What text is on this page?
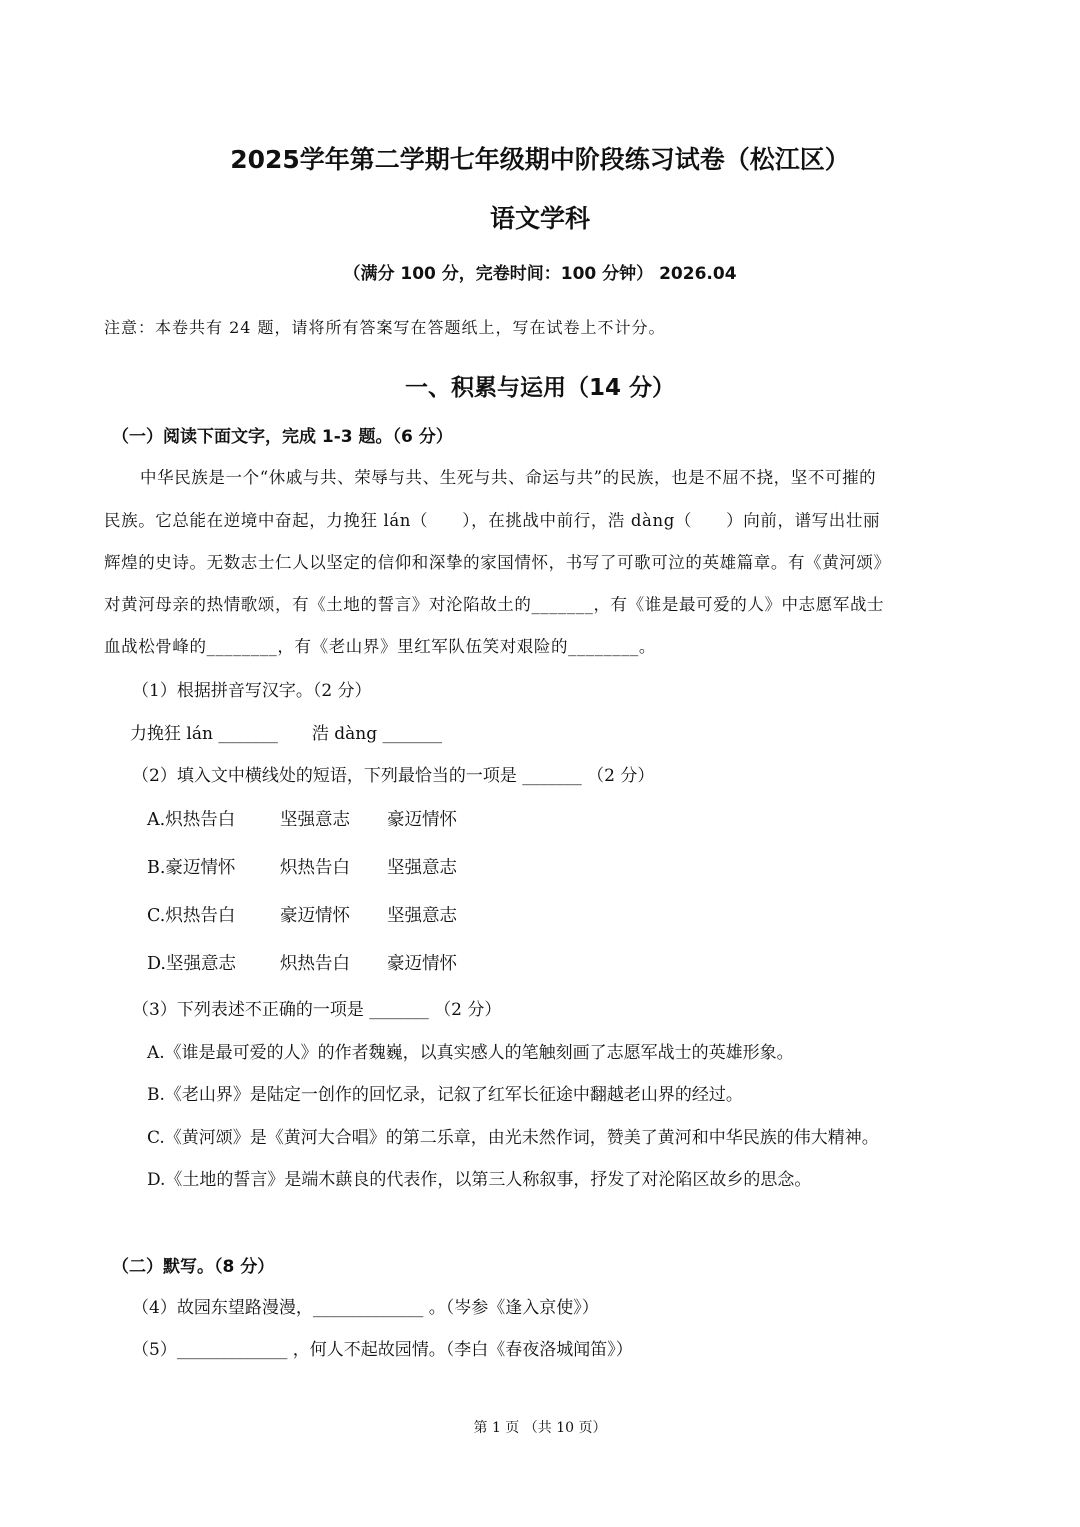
2025学年第二学期七年级期中阶段练习试卷（松江区）
语文学科
（满分 100 分，完卷时间：100 分钟） 2026.04
注意：本卷共有 24 题，请将所有答案写在答题纸上，写在试卷上不计分。
一、积累与运用（14 分）
（一）阅读下面文字，完成 1-3 题。（6 分）
中华民族是一个“休戚与共、荣辱与共、生死与共、命运与共”的民族，也是不屈不挠，坚不可摧的
民族。它总能在逆境中奋起，力挽狂 lán（　　），在挑战中前行，浩 dàng（　　）向前，谱写出壮丽
辉煌的史诗。无数志士仁人以坚定的信仰和深挚的家国情怀，书写了可歌可泣的英雄篇章。有《黄河颂》
对黄河母亲的热情歌颂，有《土地的誓言》对沦陷故土的_______，有《谁是最可爱的人》中志愿军战士
血战松骨峰的________，有《老山界》里红军队伍笑对艰险的________。
（1）根据拼音写汉字。（2 分）
力挽狂 lán _______　　浩 dàng _______
（2）填入文中横线处的短语，下列最恰当的一项是 _______ （2 分）
A.炽热告白	坚强意志 豪迈情怀
B.豪迈情怀	炽热告白 坚强意志
C.炽热告白	豪迈情怀 坚强意志
D.坚强意志	炽热告白 豪迈情怀
（3）下列表述不正确的一项是 _______ （2 分）
A.《谁是最可爱的人》的作者魏巍，以真实感人的笔触刻画了志愿军战士的英雄形象。
B.《老山界》是陆定一创作的回忆录，记叙了红军长征途中翻越老山界的经过。
C.《黄河颂》是《黄河大合唱》的第二乐章，由光未然作词，赞美了黄河和中华民族的伟大精神。
D.《土地的誓言》是端木蕻良的代表作，以第三人称叙事，抒发了对沦陷区故乡的思念。
（二）默写。（8 分）
（4）故园东望路漫漫，_____________ 。（岑参《逢入京使》）
（5）_____________ ，何人不起故园情。（李白《春夜洛城闻笛》）
第 1 页 （共 10 页）
